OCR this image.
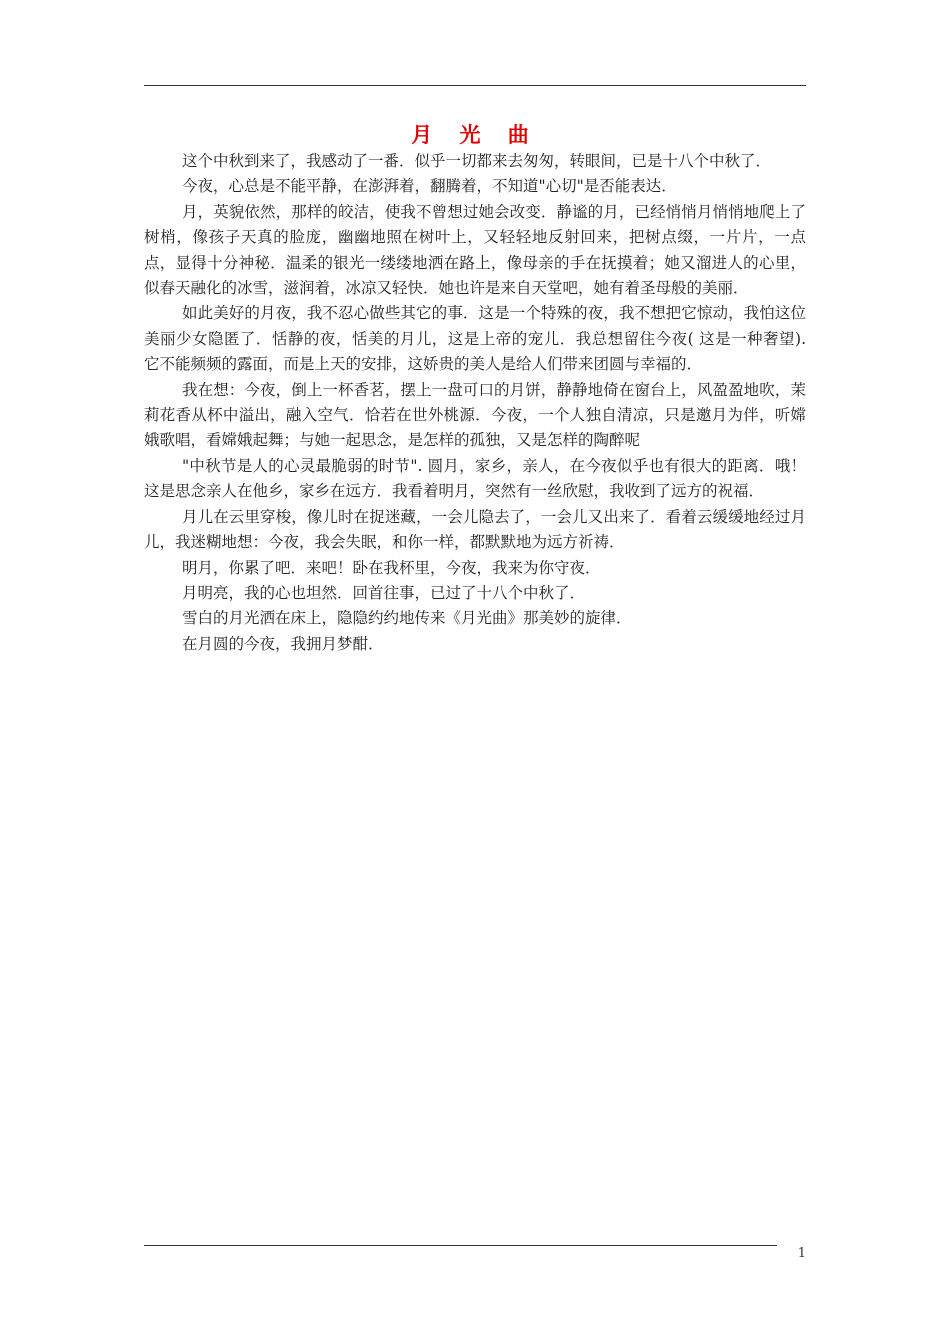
月 光 曲

这个中秋到来了，我感动了一番．似乎一切都来去匆匆，转眼间，已是十八个中秋了．

今夜，心总是不能平静，在澎湃着，翻腾着，不知道"心切"是否能表达．

月，英貌依然，那样的皎洁，使我不曾想过她会改变．静谧的月，已经悄悄月悄悄地爬上了树梢，像孩子天真的脸庞，幽幽地照在树叶上，又轻轻地反射回来，把树点缀，一片片，一点点，显得十分神秘．温柔的银光一缕缕地洒在路上，像母亲的手在抚摸着；她又溜进人的心里，似春天融化的冰雪，滋润着，冰凉又轻快．她也许是来自天堂吧，她有着圣母般的美丽．

如此美好的月夜，我不忍心做些其它的事．这是一个特殊的夜，我不想把它惊动，我怕这位美丽少女隐匿了．恬静的夜，恬美的月儿，这是上帝的宠儿．我总想留住今夜( 这是一种奢望). 它不能频频的露面，而是上天的安排，这娇贵的美人是给人们带来团圆与幸福的．

我在想：今夜，倒上一杯香茗，摆上一盘可口的月饼，静静地倚在窗台上，风盈盈地吹，茉莉花香从杯中溢出，融入空气．恰若在世外桃源．今夜，一个人独自清凉，只是邀月为伴，听嫦娥歌唱，看嫦娥起舞；与她一起思念，是怎样的孤独，又是怎样的陶醉呢

"中秋节是人的心灵最脆弱的时节". 圆月，家乡，亲人，在今夜似乎也有很大的距离．哦！这是思念亲人在他乡，家乡在远方．我看着明月，突然有一丝欣慰，我收到了远方的祝福．

月儿在云里穿梭，像儿时在捉迷藏，一会儿隐去了，一会儿又出来了．看着云缓缓地经过月儿，我迷糊地想：今夜，我会失眠，和你一样，都默默地为远方祈祷．

明月，你累了吧．来吧！卧在我杯里，今夜，我来为你守夜．

月明亮，我的心也坦然．回首往事，已过了十八个中秋了．

雪白的月光洒在床上，隐隐约约地传来《月光曲》那美妙的旋律．

在月圆的今夜，我拥月梦酣．

1
